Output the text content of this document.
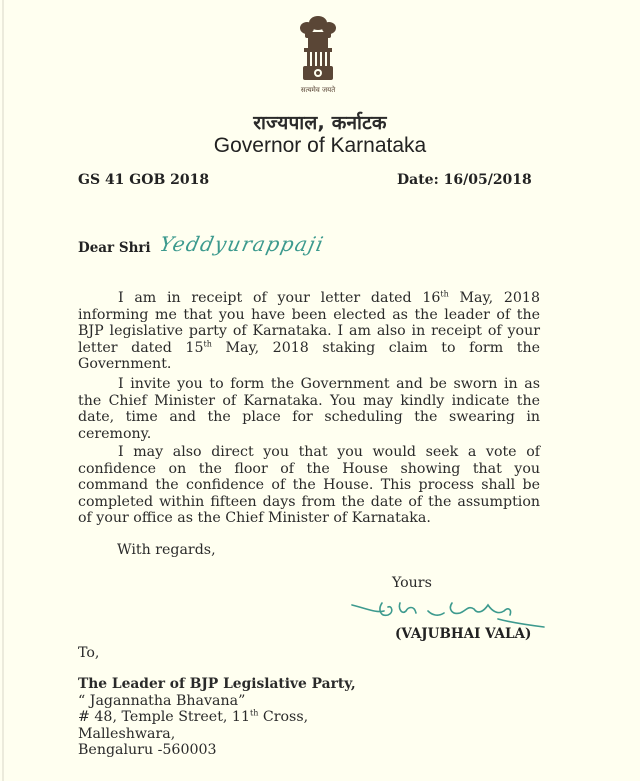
सत्यमेव जयते
राज्यपाल, कर्नाटक
Governor of Karnataka
GS 41 GOB 2018	Date: 16/05/2018
Dear Shri Yeddyurappaji

I am in receipt of your letter dated 16th May, 2018 informing me that you have been elected as the leader of the BJP legislative party of Karnataka. I am also in receipt of your letter dated 15th May, 2018 staking claim to form the Government.

I invite you to form the Government and be sworn in as the Chief Minister of Karnataka. You may kindly indicate the date, time and the place for scheduling the swearing in ceremony.

I may also direct you that you would seek a vote of confidence on the floor of the House showing that you command the confidence of the House. This process shall be completed within fifteen days from the date of the assumption of your office as the Chief Minister of Karnataka.

With regards,
Yours
(VAJUBHAI VALA)
To,
The Leader of BJP Legislative Party,
“ Jagannatha Bhavana”
# 48, Temple Street, 11th Cross,
Malleshwara,
Bengaluru -560003
